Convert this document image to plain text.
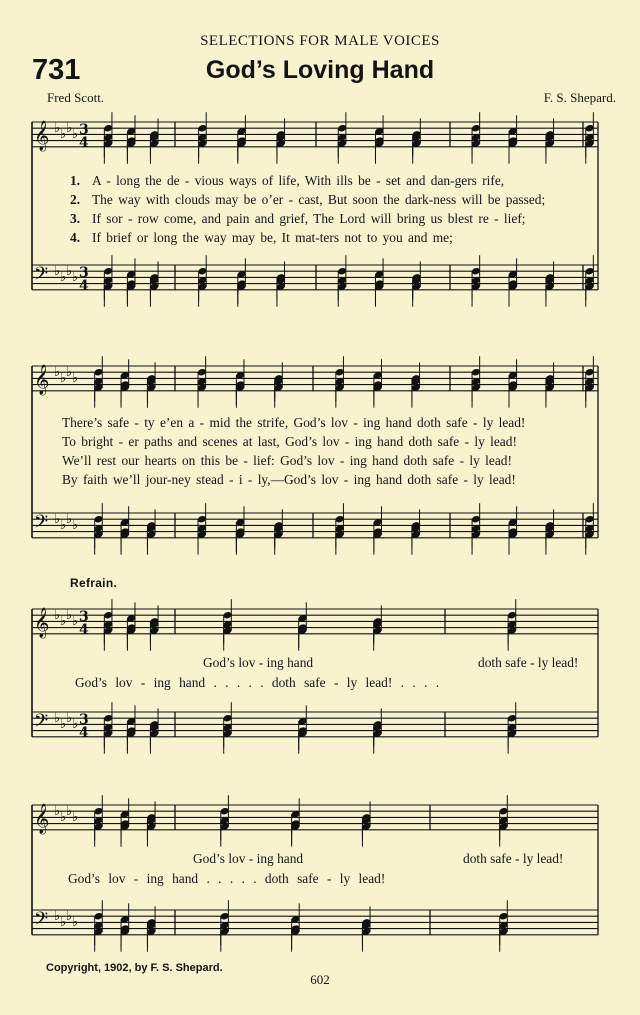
SELECTIONS FOR MALE VOICES
731	God’s Loving Hand
Fred Scott.	F. S. Shepard.
𝄞
𝄢
♭ ♭ ♭ ♭
♭ ♭ ♭ ♭
3
4
3
4
𝄞
𝄢
♭ ♭ ♭ ♭
♭ ♭ ♭ ♭
𝄞
𝄢
♭ ♭ ♭ ♭
♭ ♭ ♭ ♭
3
4
3
4
𝄞
𝄢
♭ ♭ ♭ ♭
♭ ♭ ♭ ♭
1. A - long the de - vious ways of life, With ills be - set and dan-gers rife,
2. The way with clouds may be o’er - cast, But soon the dark-ness will be passed;
3. If sor - row come, and pain and grief, The Lord will bring us blest re - lief;
4. If brief or long the way may be, It mat-ters not to you and me;
There’s safe - ty e’en a - mid the strife, God’s lov - ing hand doth safe - ly lead!
To bright - er paths and scenes at last, God’s lov - ing hand doth safe - ly lead!
We’ll rest our hearts on this be - lief: God’s lov - ing hand doth safe - ly lead!
By faith we’ll jour-ney stead - i - ly,—God’s lov - ing hand doth safe - ly lead!
Refrain.
God’s lov - ing hand	doth safe - ly lead!
God’s lov - ing hand . . . . . doth safe - ly lead! . . . .
God’s lov - ing hand	doth safe - ly lead!
God’s lov - ing hand . . . . . doth safe - ly lead!
Copyright, 1902, by F. S. Shepard.
602
